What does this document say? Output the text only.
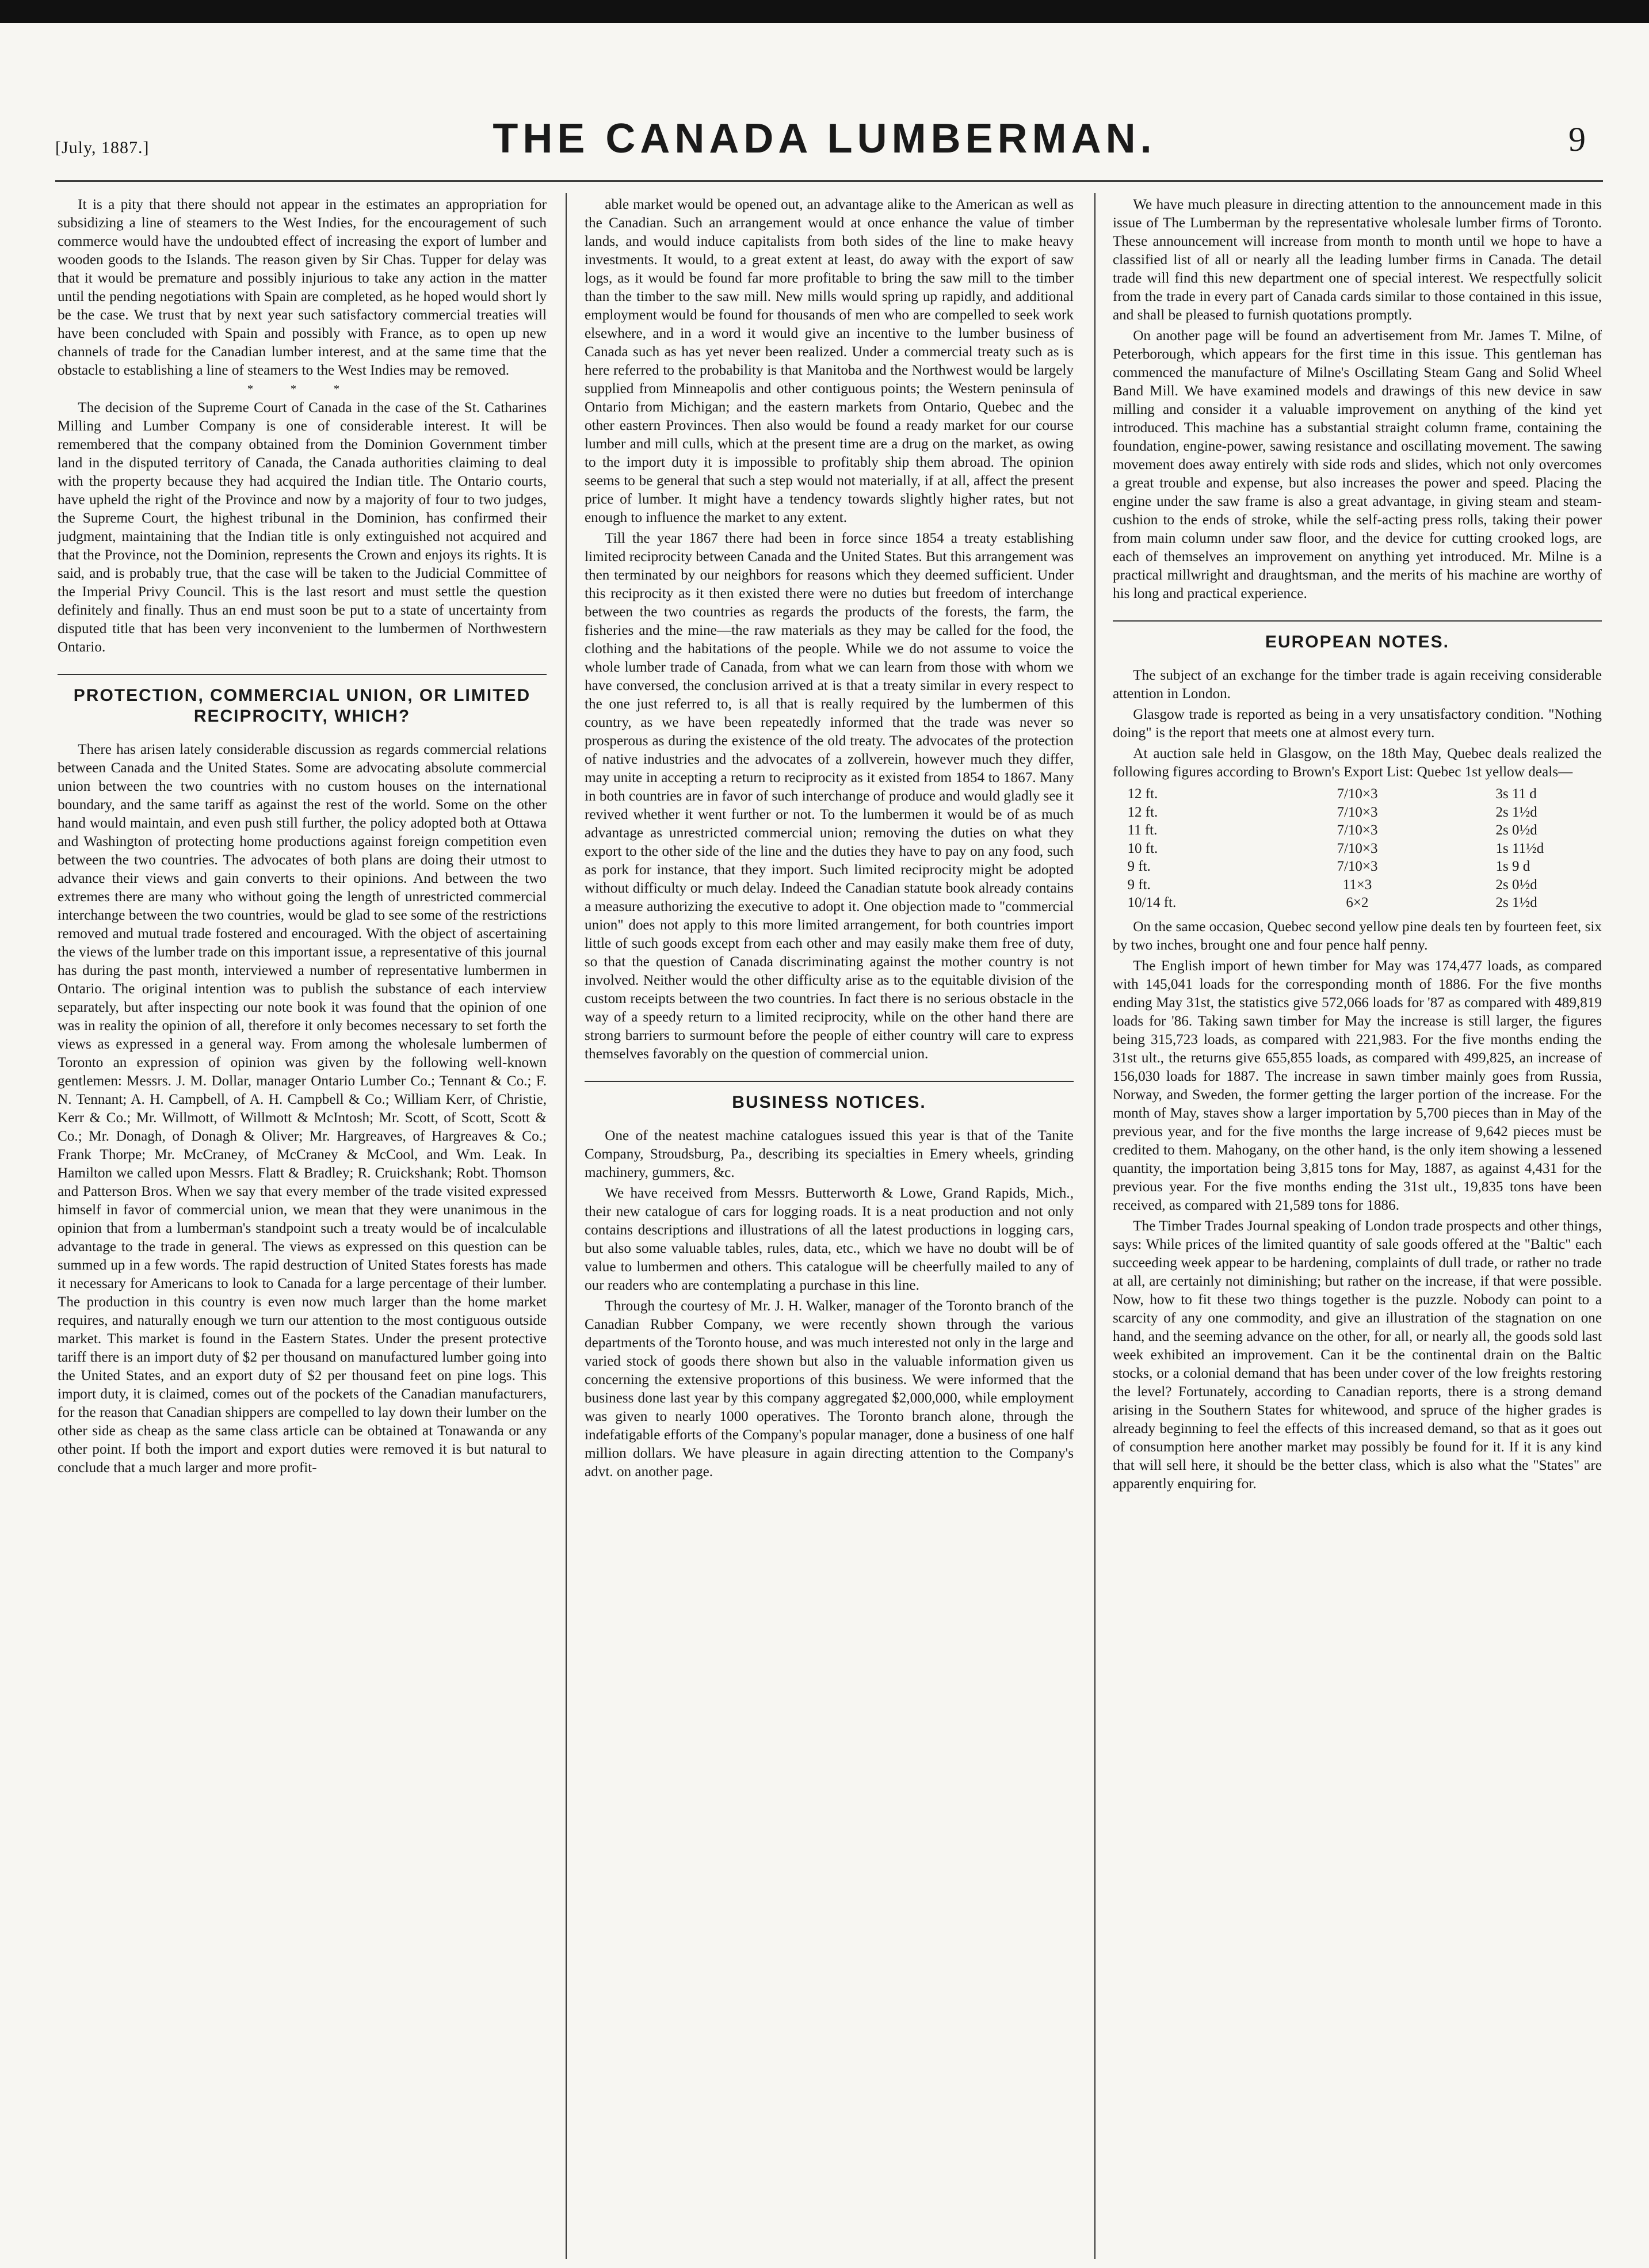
[July, 1887.]	THE CANADA LUMBERMAN.	9

It is a pity that there should not appear in the estimates an appropriation for subsidizing a line of steamers to the West Indies, for the encouragement of such commerce would have the undoubted effect of increasing the export of lumber and wooden goods to the Islands. The reason given by Sir Chas. Tupper for delay was that it would be premature and possibly injurious to take any action in the matter until the pending negotiations with Spain are completed, as he hoped would short ly be the case. We trust that by next year such satisfactory commercial treaties will have been concluded with Spain and possibly with France, as to open up new channels of trade for the Canadian lumber interest, and at the same time that the obstacle to establishing a line of steamers to the West Indies may be removed.

* * *

The decision of the Supreme Court of Canada in the case of the St. Catharines Milling and Lumber Company is one of considerable interest. It will be remembered that the company obtained from the Dominion Government timber land in the disputed territory of Canada, the Canada authorities claiming to deal with the property because they had acquired the Indian title. The Ontario courts, have upheld the right of the Province and now by a majority of four to two judges, the Supreme Court, the highest tribunal in the Dominion, has confirmed their judgment, maintaining that the Indian title is only extinguished not acquired and that the Province, not the Dominion, represents the Crown and enjoys its rights. It is said, and is probably true, that the case will be taken to the Judicial Committee of the Imperial Privy Council. This is the last resort and must settle the question definitely and finally. Thus an end must soon be put to a state of uncertainty from disputed title that has been very inconvenient to the lumbermen of Northwestern Ontario.

PROTECTION, COMMERCIAL UNION, OR LIMITED RECIPROCITY, WHICH?

There has arisen lately considerable discussion as regards commercial relations between Canada and the United States. Some are advocating absolute commercial union between the two countries with no custom houses on the international boundary, and the same tariff as against the rest of the world. Some on the other hand would maintain, and even push still further, the policy adopted both at Ottawa and Washington of protecting home productions against foreign competition even between the two countries. The advocates of both plans are doing their utmost to advance their views and gain converts to their opinions. And between the two extremes there are many who without going the length of unrestricted commercial interchange between the two countries, would be glad to see some of the restrictions removed and mutual trade fostered and encouraged. With the object of ascertaining the views of the lumber trade on this important issue, a representative of this journal has during the past month, interviewed a number of representative lumbermen in Ontario. The original intention was to publish the substance of each interview separately, but after inspecting our note book it was found that the opinion of one was in reality the opinion of all, therefore it only becomes necessary to set forth the views as expressed in a general way. From among the wholesale lumbermen of Toronto an expression of opinion was given by the following well-known gentlemen: Messrs. J. M. Dollar, manager Ontario Lumber Co.; Tennant & Co.; F. N. Tennant; A. H. Campbell, of A. H. Campbell & Co.; William Kerr, of Christie, Kerr & Co.; Mr. Willmott, of Willmott & McIntosh; Mr. Scott, of Scott, Scott & Co.; Mr. Donagh, of Donagh & Oliver; Mr. Hargreaves, of Hargreaves & Co.; Frank Thorpe; Mr. McCraney, of McCraney & McCool, and Wm. Leak. In Hamilton we called upon Messrs. Flatt & Bradley; R. Cruickshank; Robt. Thomson and Patterson Bros. When we say that every member of the trade visited expressed himself in favor of commercial union, we mean that they were unanimous in the opinion that from a lumberman's standpoint such a treaty would be of incalculable advantage to the trade in general. The views as expressed on this question can be summed up in a few words. The rapid destruction of United States forests has made it necessary for Americans to look to Canada for a large percentage of their lumber. The production in this country is even now much larger than the home market requires, and naturally enough we turn our attention to the most contiguous outside market. This market is found in the Eastern States. Under the present protective tariff there is an import duty of $2 per thousand on manufactured lumber going into the United States, and an export duty of $2 per thousand feet on pine logs. This import duty, it is claimed, comes out of the pockets of the Canadian manufacturers, for the reason that Canadian shippers are compelled to lay down their lumber on the other side as cheap as the same class article can be obtained at Tonawanda or any other point. If both the import and export duties were removed it is but natural to conclude that a much larger and more profit-

able market would be opened out, an advantage alike to the American as well as the Canadian. Such an arrangement would at once enhance the value of timber lands, and would induce capitalists from both sides of the line to make heavy investments. It would, to a great extent at least, do away with the export of saw logs, as it would be found far more profitable to bring the saw mill to the timber than the timber to the saw mill. New mills would spring up rapidly, and additional employment would be found for thousands of men who are compelled to seek work elsewhere, and in a word it would give an incentive to the lumber business of Canada such as has yet never been realized. Under a commercial treaty such as is here referred to the probability is that Manitoba and the Northwest would be largely supplied from Minneapolis and other contiguous points; the Western peninsula of Ontario from Michigan; and the eastern markets from Ontario, Quebec and the other eastern Provinces. Then also would be found a ready market for our course lumber and mill culls, which at the present time are a drug on the market, as owing to the import duty it is impossible to profitably ship them abroad. The opinion seems to be general that such a step would not materially, if at all, affect the present price of lumber. It might have a tendency towards slightly higher rates, but not enough to influence the market to any extent.

Till the year 1867 there had been in force since 1854 a treaty establishing limited reciprocity between Canada and the United States. But this arrangement was then terminated by our neighbors for reasons which they deemed sufficient. Under this reciprocity as it then existed there were no duties but freedom of interchange between the two countries as regards the products of the forests, the farm, the fisheries and the mine—the raw materials as they may be called for the food, the clothing and the habitations of the people. While we do not assume to voice the whole lumber trade of Canada, from what we can learn from those with whom we have conversed, the conclusion arrived at is that a treaty similar in every respect to the one just referred to, is all that is really required by the lumbermen of this country, as we have been repeatedly informed that the trade was never so prosperous as during the existence of the old treaty. The advocates of the protection of native industries and the advocates of a zollverein, however much they differ, may unite in accepting a return to reciprocity as it existed from 1854 to 1867. Many in both countries are in favor of such interchange of produce and would gladly see it revived whether it went further or not. To the lumbermen it would be of as much advantage as unrestricted commercial union; removing the duties on what they export to the other side of the line and the duties they have to pay on any food, such as pork for instance, that they import. Such limited reciprocity might be adopted without difficulty or much delay. Indeed the Canadian statute book already contains a measure authorizing the executive to adopt it. One objection made to "commercial union" does not apply to this more limited arrangement, for both countries import little of such goods except from each other and may easily make them free of duty, so that the question of Canada discriminating against the mother country is not involved. Neither would the other difficulty arise as to the equitable division of the custom receipts between the two countries. In fact there is no serious obstacle in the way of a speedy return to a limited reciprocity, while on the other hand there are strong barriers to surmount before the people of either country will care to express themselves favorably on the question of commercial union.

BUSINESS NOTICES.

One of the neatest machine catalogues issued this year is that of the Tanite Company, Stroudsburg, Pa., describing its specialties in Emery wheels, grinding machinery, gummers, &c.

We have received from Messrs. Butterworth & Lowe, Grand Rapids, Mich., their new catalogue of cars for logging roads. It is a neat production and not only contains descriptions and illustrations of all the latest productions in logging cars, but also some valuable tables, rules, data, etc., which we have no doubt will be of value to lumbermen and others. This catalogue will be cheerfully mailed to any of our readers who are contemplating a purchase in this line.

Through the courtesy of Mr. J. H. Walker, manager of the Toronto branch of the Canadian Rubber Company, we were recently shown through the various departments of the Toronto house, and was much interested not only in the large and varied stock of goods there shown but also in the valuable information given us concerning the extensive proportions of this business. We were informed that the business done last year by this company aggregated $2,000,000, while employment was given to nearly 1000 operatives. The Toronto branch alone, through the indefatigable efforts of the Company's popular manager, done a business of one half million dollars. We have pleasure in again directing attention to the Company's advt. on another page.

We have much pleasure in directing attention to the announcement made in this issue of The Lumberman by the representative wholesale lumber firms of Toronto. These announcement will increase from month to month until we hope to have a classified list of all or nearly all the leading lumber firms in Canada. The detail trade will find this new department one of special interest. We respectfully solicit from the trade in every part of Canada cards similar to those contained in this issue, and shall be pleased to furnish quotations promptly.

On another page will be found an advertisement from Mr. James T. Milne, of Peterborough, which appears for the first time in this issue. This gentleman has commenced the manufacture of Milne's Oscillating Steam Gang and Solid Wheel Band Mill. We have examined models and drawings of this new device in saw milling and consider it a valuable improvement on anything of the kind yet introduced. This machine has a substantial straight column frame, containing the foundation, engine-power, sawing resistance and oscillating movement. The sawing movement does away entirely with side rods and slides, which not only overcomes a great trouble and expense, but also increases the power and speed. Placing the engine under the saw frame is also a great advantage, in giving steam and steam-cushion to the ends of stroke, while the self-acting press rolls, taking their power from main column under saw floor, and the device for cutting crooked logs, are each of themselves an improvement on anything yet introduced. Mr. Milne is a practical millwright and draughtsman, and the merits of his machine are worthy of his long and practical experience.

EUROPEAN NOTES.

The subject of an exchange for the timber trade is again receiving considerable attention in London.

Glasgow trade is reported as being in a very unsatisfactory condition. "Nothing doing" is the report that meets one at almost every turn.

At auction sale held in Glasgow, on the 18th May, Quebec deals realized the following figures according to Brown's Export List: Quebec 1st yellow deals—

12 ft.	7/10×3	3s 11 d
12 ft.	7/10×3	2s 1½d
11 ft.	7/10×3	2s 0½d
10 ft.	7/10×3	1s 11½d
9 ft.	7/10×3	1s 9 d
9 ft.	11×3	2s 0½d
10/14 ft.	6×2	2s 1½d

On the same occasion, Quebec second yellow pine deals ten by fourteen feet, six by two inches, brought one and four pence half penny.

The English import of hewn timber for May was 174,477 loads, as compared with 145,041 loads for the corresponding month of 1886. For the five months ending May 31st, the statistics give 572,066 loads for '87 as compared with 489,819 loads for '86. Taking sawn timber for May the increase is still larger, the figures being 315,723 loads, as compared with 221,983. For the five months ending the 31st ult., the returns give 655,855 loads, as compared with 499,825, an increase of 156,030 loads for 1887. The increase in sawn timber mainly goes from Russia, Norway, and Sweden, the former getting the larger portion of the increase. For the month of May, staves show a larger importation by 5,700 pieces than in May of the previous year, and for the five months the large increase of 9,642 pieces must be credited to them. Mahogany, on the other hand, is the only item showing a lessened quantity, the importation being 3,815 tons for May, 1887, as against 4,431 for the previous year. For the five months ending the 31st ult., 19,835 tons have been received, as compared with 21,589 tons for 1886.

The Timber Trades Journal speaking of London trade prospects and other things, says: While prices of the limited quantity of sale goods offered at the "Baltic" each succeeding week appear to be hardening, complaints of dull trade, or rather no trade at all, are certainly not diminishing; but rather on the increase, if that were possible. Now, how to fit these two things together is the puzzle. Nobody can point to a scarcity of any one commodity, and give an illustration of the stagnation on one hand, and the seeming advance on the other, for all, or nearly all, the goods sold last week exhibited an improvement. Can it be the continental drain on the Baltic stocks, or a colonial demand that has been under cover of the low freights restoring the level? Fortunately, according to Canadian reports, there is a strong demand arising in the Southern States for whitewood, and spruce of the higher grades is already beginning to feel the effects of this increased demand, so that as it goes out of consumption here another market may possibly be found for it. If it is any kind that will sell here, it should be the better class, which is also what the "States" are apparently enquiring for.
